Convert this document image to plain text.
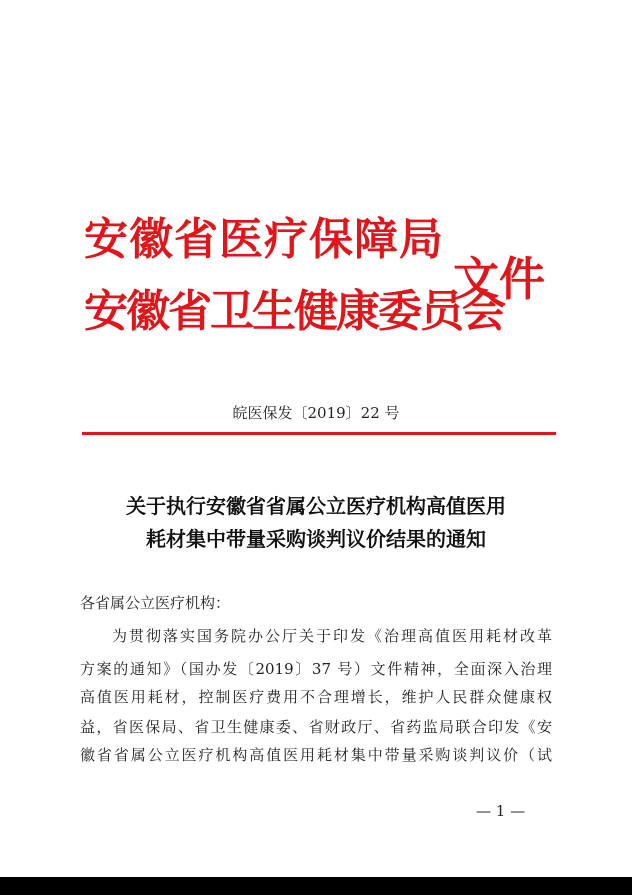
安徽省医疗保障局
安徽省卫生健康委员会
文件
皖医保发〔2019〕22 号
关于执行安徽省省属公立医疗机构高值医用
耗材集中带量采购谈判议价结果的通知
各省属公立医疗机构：
为贯彻落实国务院办公厅关于印发《治理高值医用耗材改革
方案的通知》（国办发〔2019〕37 号）文件精神，全面深入治理
高值医用耗材，控制医疗费用不合理增长，维护人民群众健康权
益，省医保局、省卫生健康委、省财政厅、省药监局联合印发《安
徽省省属公立医疗机构高值医用耗材集中带量采购谈判议价（试
— 1 —
